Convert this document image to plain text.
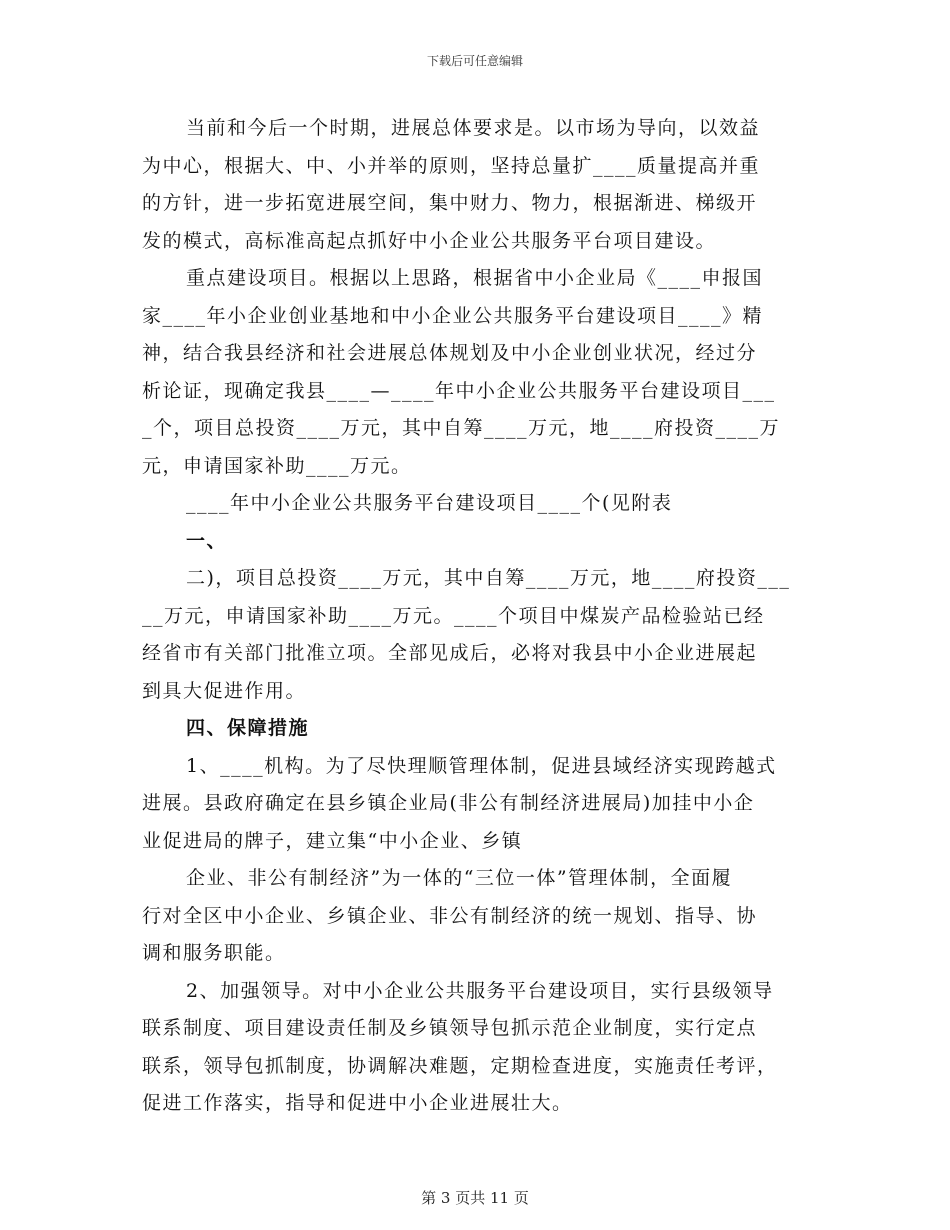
下载后可任意编辑
当前和今后一个时期，进展总体要求是。以市场为导向，以效益
为中心，根据大、中、小并举的原则，坚持总量扩____质量提高并重
的方针，进一步拓宽进展空间，集中财力、物力，根据渐进、梯级开
发的模式，高标准高起点抓好中小企业公共服务平台项目建设。
重点建设项目。根据以上思路，根据省中小企业局《____申报国
家____年小企业创业基地和中小企业公共服务平台建设项目____》精
神，结合我县经济和社会进展总体规划及中小企业创业状况，经过分
析论证，现确定我县____—____年中小企业公共服务平台建设项目___
_个，项目总投资____万元，其中自筹____万元，地____府投资____万
元，申请国家补助____万元。
____年中小企业公共服务平台建设项目____个(见附表
一、
二)，项目总投资____万元，其中自筹____万元，地____府投资___
__万元，申请国家补助____万元。____个项目中煤炭产品检验站已经
经省市有关部门批准立项。全部见成后，必将对我县中小企业进展起
到具大促进作用。
四、保障措施
1、____机构。为了尽快理顺管理体制，促进县域经济实现跨越式
进展。县政府确定在县乡镇企业局(非公有制经济进展局)加挂中小企
业促进局的牌子，建立集“中小企业、乡镇
企业、非公有制经济”为一体的“三位一体”管理体制，全面履
行对全区中小企业、乡镇企业、非公有制经济的统一规划、指导、协
调和服务职能。
2、加强领导。对中小企业公共服务平台建设项目，实行县级领导
联系制度、项目建设责任制及乡镇领导包抓示范企业制度，实行定点
联系，领导包抓制度，协调解决难题，定期检查进度，实施责任考评，
促进工作落实，指导和促进中小企业进展壮大。
第 3 页共 11 页
